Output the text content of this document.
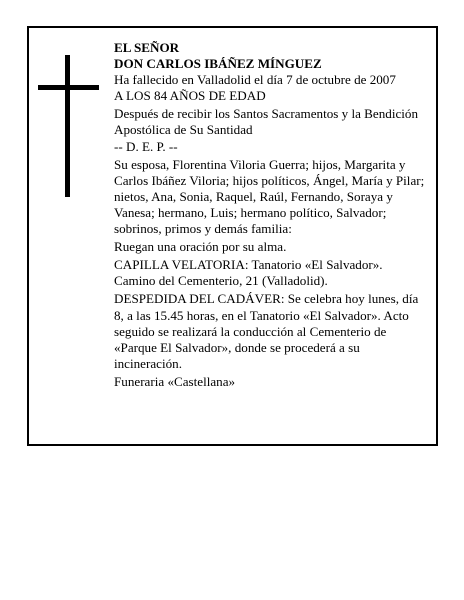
EL SEÑOR

DON CARLOS IBÁÑEZ MÍNGUEZ

Ha fallecido en Valladolid el día 7 de octubre de 2007

A LOS 84 AÑOS DE EDAD

Después de recibir los Santos Sacramentos y la Bendición Apostólica de Su Santidad

-- D. E. P. --

Su esposa, Florentina Viloria Guerra; hijos, Margarita y Carlos Ibáñez Viloria; hijos políticos, Ángel, María y Pilar; nietos, Ana, Sonia, Raquel, Raúl, Fernando, Soraya y Vanesa; hermano, Luis; hermano político, Salvador; sobrinos, primos y demás familia:

Ruegan una oración por su alma.

CAPILLA VELATORIA: Tanatorio «El Salvador». Camino del Cementerio, 21 (Valladolid).

DESPEDIDA DEL CADÁVER: Se celebra hoy lunes, día 8, a las 15.45 horas, en el Tanatorio «El Salvador». Acto seguido se realizará la conducción al Cementerio de «Parque El Salvador», donde se procederá a su incineración.

Funeraria «Castellana»
